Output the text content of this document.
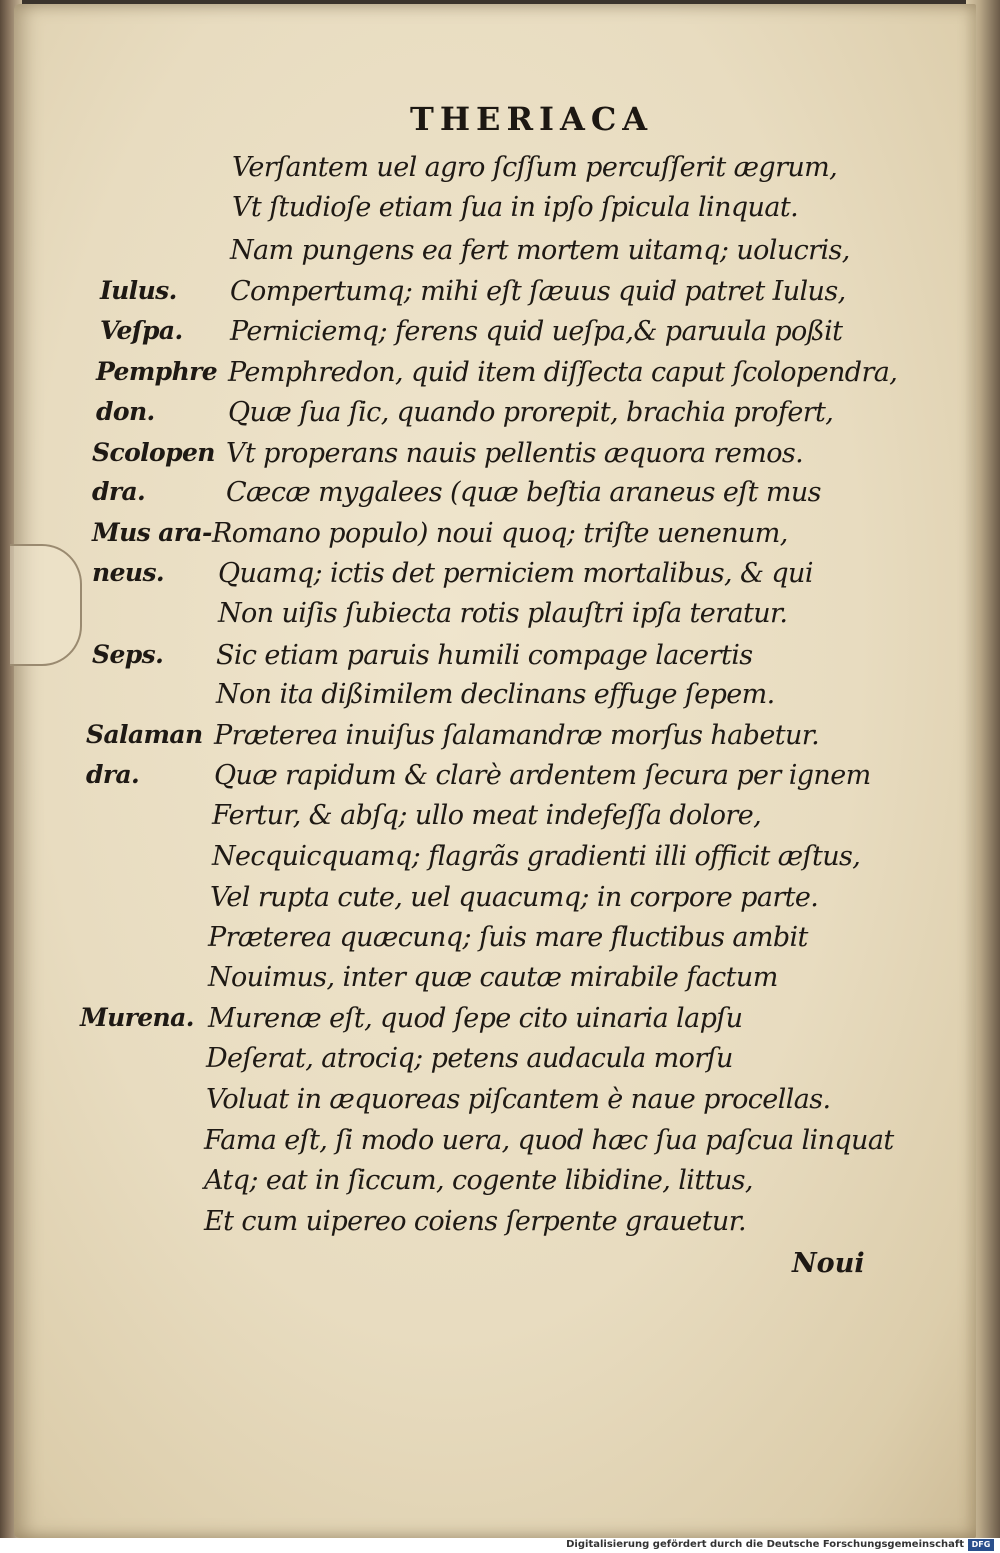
THERIACA
Verſantem uel agro ſcſſum percuſſerit ægrum,
Vt ſtudioſe etiam ſua in ipſo ſpicula linquat.
Nam pungens ea fert mortem uitamq; uolucris,
Compertumq; mihi eſt ſæuus quid patret Iulus,
Perniciemq; ferens quid ueſpa,& paruula poßit
Pemphredon, quid item diſſecta caput ſcolopendra,
Quæ ſua ſic, quando prorepit, brachia profert,
Vt properans nauis pellentis æquora remos.
Cæcæ mygalees (quæ beſtia araneus eſt mus
Romano populo) noui quoq; triſte uenenum,
Quamq; ictis det perniciem mortalibus, & qui
Non uiſis ſubiecta rotis plauſtri ipſa teratur.
Sic etiam paruis humili compage lacertis
Non ita dißimilem declinans effuge ſepem.
Præterea inuiſus ſalamandræ morſus habetur.
Quæ rapidum & clarè ardentem ſecura per ignem
Fertur, & abſq; ullo meat indefeſſa dolore,
Necquicquamq; flagrãs gradienti illi officit æſtus,
Vel rupta cute, uel quacumq; in corpore parte.
Præterea quæcunq; ſuis mare fluctibus ambit
Nouimus, inter quæ cautæ mirabile factum
Murenæ eſt, quod ſepe cito uinaria lapſu
Deſerat, atrociq; petens audacula morſu
Voluat in æquoreas piſcantem è naue procellas.
Fama eſt, ſi modo uera, quod hæc ſua paſcua linquat
Atq; eat in ſiccum, cogente libidine, littus,
Et cum uipereo coiens ſerpente grauetur.
Iulus.
Veſpa.
Pemphre
don.
Scolopen
dra.
Mus ara-
neus.
Seps.
Salaman
dra.
Murena.
Noui
Digitalisierung gefördert durch die Deutsche Forschungsgemeinschaft DFG
